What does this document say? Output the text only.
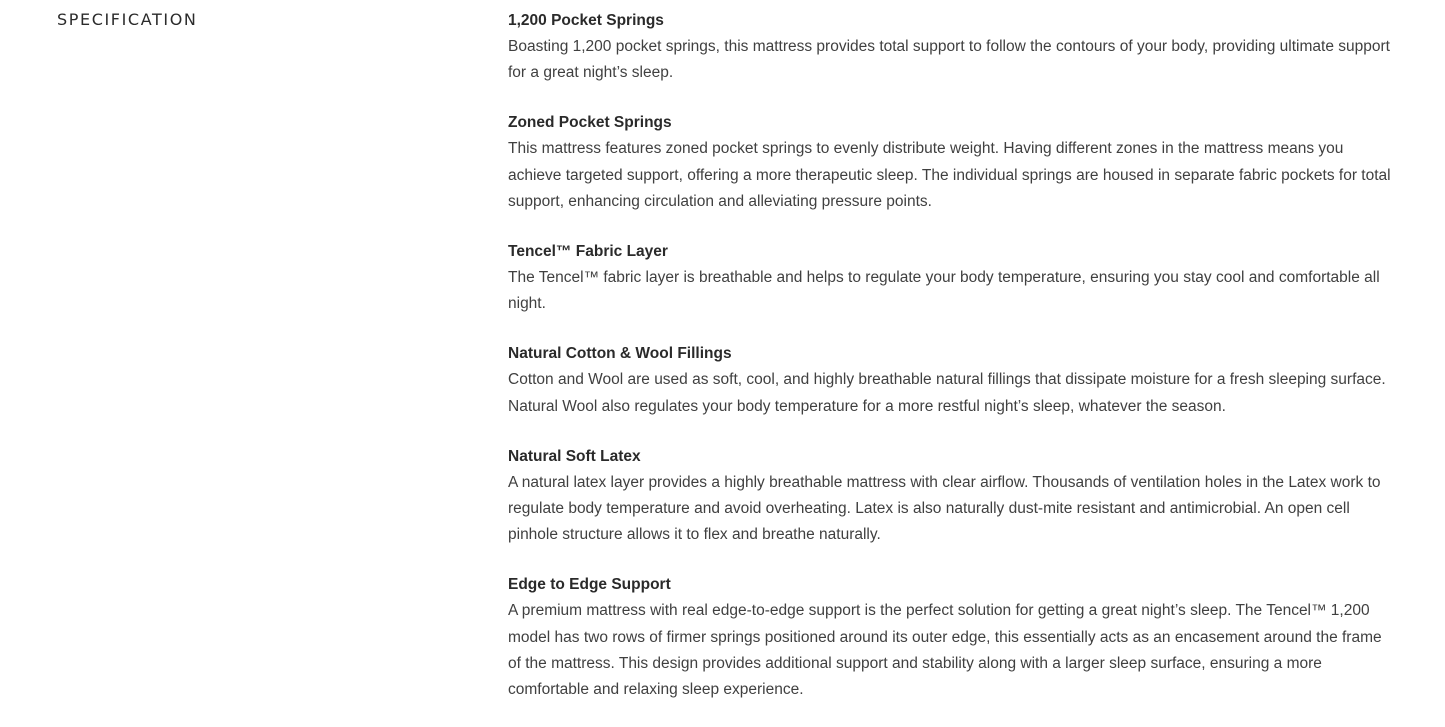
SPECIFICATION	1,200 Pocket Springs
Boasting 1,200 pocket springs, this mattress provides total support to follow the contours of your body, providing ultimate support for a great night’s sleep.
Zoned Pocket Springs
This mattress features zoned pocket springs to evenly distribute weight. Having different zones in the mattress means you achieve targeted support, offering a more therapeutic sleep. The individual springs are housed in separate fabric pockets for total support, enhancing circulation and alleviating pressure points.
Tencel™ Fabric Layer
The Tencel™ fabric layer is breathable and helps to regulate your body temperature, ensuring you stay cool and comfortable all night.
Natural Cotton & Wool Fillings
Cotton and Wool are used as soft, cool, and highly breathable natural fillings that dissipate moisture for a fresh sleeping surface. Natural Wool also regulates your body temperature for a more restful night’s sleep, whatever the season.
Natural Soft Latex
A natural latex layer provides a highly breathable mattress with clear airflow. Thousands of ventilation holes in the Latex work to regulate body temperature and avoid overheating. Latex is also naturally dust-mite resistant and antimicrobial. An open cell pinhole structure allows it to flex and breathe naturally.
Edge to Edge Support
A premium mattress with real edge-to-edge support is the perfect solution for getting a great night’s sleep. The Tencel™ 1,200 model has two rows of firmer springs positioned around its outer edge, this essentially acts as an encasement around the frame of the mattress. This design provides additional support and stability along with a larger sleep surface, ensuring a more comfortable and relaxing sleep experience.
